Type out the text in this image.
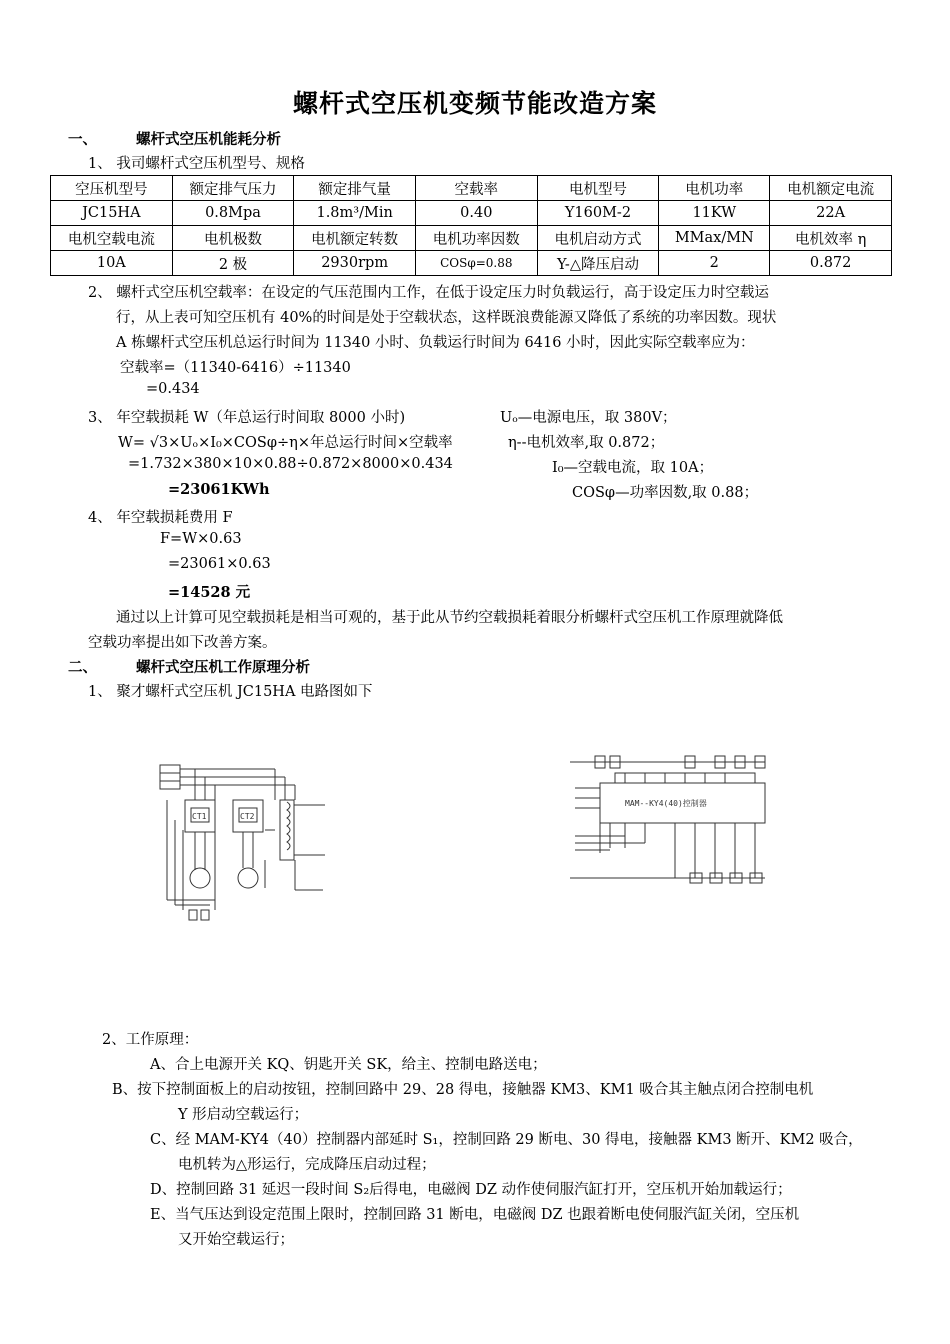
螺杆式空压机变频节能改造方案
一、	螺杆式空压机能耗分析
1、 我司螺杆式空压机型号、规格
空压机型号	额定排气压力	额定排气量	空载率	电机型号	电机功率	电机额定电流
JC15HA	0.8Mpa	1.8m³/Min	0.40	Y160M-2	11KW	22A
电机空载电流	电机极数	电机额定转数	电机功率因数	电机启动方式	MMax/MN	电机效率 η
10A	2 极	2930rpm	COSφ=0.88	Y-△降压启动	2	0.872
2、 螺杆式空压机空载率：在设定的气压范围内工作，在低于设定压力时负载运行，高于设定压力时空载运
行，从上表可知空压机有 40%的时间是处于空载状态，这样既浪费能源又降低了系统的功率因数。现状
A 栋螺杆式空压机总运行时间为 11340 小时、负载运行时间为 6416 小时，因此实际空载率应为：
空载率=（11340-6416）÷11340
=0.434
3、 年空载损耗 W（年总运行时间取 8000 小时)
W= √3×Uₒ×I₀×COSφ÷η×年总运行时间×空载率
=1.732×380×10×0.88÷0.872×8000×0.434
=23061KWh
Uₒ—电源电压，取 380V；
η--电机效率,取 0.872；
I₀—空载电流，取 10A；
COSφ—功率因数,取 0.88；
4、 年空载损耗费用 F
F=W×0.63
=23061×0.63
=14528 元
通过以上计算可见空载损耗是相当可观的，基于此从节约空载损耗着眼分析螺杆式空压机工作原理就降低
空载功率提出如下改善方案。
二、	螺杆式空压机工作原理分析
1、 聚才螺杆式空压机 JC15HA 电路图如下
CT1	CT2
MAM--KY4(40)控制器
2、工作原理：
A、合上电源开关 KQ、钥匙开关 SK，给主、控制电路送电；
B、按下控制面板上的启动按钮，控制回路中 29、28 得电，接触器 KM3、KM1 吸合其主触点闭合控制电机
Y 形启动空载运行；
C、经 MAM-KY4（40）控制器内部延时 S₁，控制回路 29 断电、30 得电，接触器 KM3 断开、KM2 吸合，
电机转为△形运行，完成降压启动过程；
D、控制回路 31 延迟一段时间 S₂后得电，电磁阀 DZ 动作使伺服汽缸打开，空压机开始加载运行；
E、当气压达到设定范围上限时，控制回路 31 断电，电磁阀 DZ 也跟着断电使伺服汽缸关闭，空压机
又开始空载运行；
